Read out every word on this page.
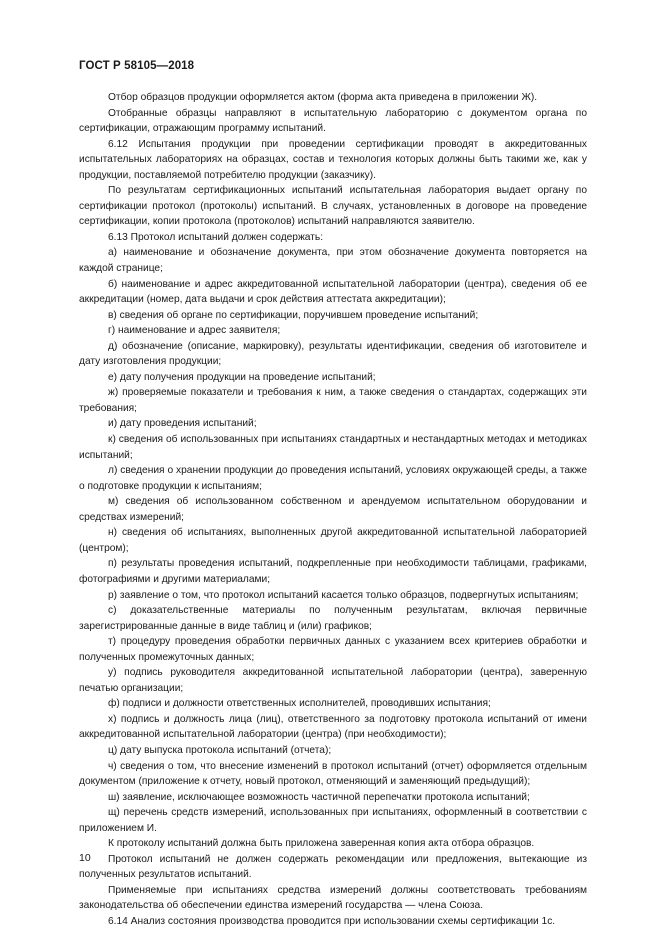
ГОСТ Р 58105—2018

Отбор образцов продукции оформляется актом (форма акта приведена в приложении Ж).

Отобранные образцы направляют в испытательную лабораторию с документом органа по сертификации, отражающим программу испытаний.

6.12 Испытания продукции при проведении сертификации проводят в аккредитованных испытательных лабораториях на образцах, состав и технология которых должны быть такими же, как у продукции, поставляемой потребителю продукции (заказчику).

По результатам сертификационных испытаний испытательная лаборатория выдает органу по сертификации протокол (протоколы) испытаний. В случаях, установленных в договоре на проведение сертификации, копии протокола (протоколов) испытаний направляются заявителю.

6.13 Протокол испытаний должен содержать:

а) наименование и обозначение документа, при этом обозначение документа повторяется на каждой странице;

б) наименование и адрес аккредитованной испытательной лаборатории (центра), сведения об ее аккредитации (номер, дата выдачи и срок действия аттестата аккредитации);

в) сведения об органе по сертификации, поручившем проведение испытаний;

г) наименование и адрес заявителя;

д) обозначение (описание, маркировку), результаты идентификации, сведения об изготовителе и дату изготовления продукции;

е) дату получения продукции на проведение испытаний;

ж) проверяемые показатели и требования к ним, а также сведения о стандартах, содержащих эти требования;

и) дату проведения испытаний;

к) сведения об использованных при испытаниях стандартных и нестандартных методах и методиках испытаний;

л) сведения о хранении продукции до проведения испытаний, условиях окружающей среды, а также о подготовке продукции к испытаниям;

м) сведения об использованном собственном и арендуемом испытательном оборудовании и средствах измерений;

н) сведения об испытаниях, выполненных другой аккредитованной испытательной лабораторией (центром);

п) результаты проведения испытаний, подкрепленные при необходимости таблицами, графиками, фотографиями и другими материалами;

р) заявление о том, что протокол испытаний касается только образцов, подвергнутых испытаниям;

с) доказательственные материалы по полученным результатам, включая первичные зарегистрированные данные в виде таблиц и (или) графиков;

т) процедуру проведения обработки первичных данных с указанием всех критериев обработки и полученных промежуточных данных;

у) подпись руководителя аккредитованной испытательной лаборатории (центра), заверенную печатью организации;

ф) подписи и должности ответственных исполнителей, проводивших испытания;

х) подпись и должность лица (лиц), ответственного за подготовку протокола испытаний от имени аккредитованной испытательной лаборатории (центра) (при необходимости);

ц) дату выпуска протокола испытаний (отчета);

ч) сведения о том, что внесение изменений в протокол испытаний (отчет) оформляется отдельным документом (приложение к отчету, новый протокол, отменяющий и заменяющий предыдущий);

ш) заявление, исключающее возможность частичной перепечатки протокола испытаний;

щ) перечень средств измерений, использованных при испытаниях, оформленный в соответствии с приложением И.

К протоколу испытаний должна быть приложена заверенная копия акта отбора образцов.

Протокол испытаний не должен содержать рекомендации или предложения, вытекающие из полученных результатов испытаний.

Применяемые при испытаниях средства измерений должны соответствовать требованиям законодательства об обеспечении единства измерений государства — члена Союза.

6.14 Анализ состояния производства проводится при использовании схемы сертификации 1с.

10
